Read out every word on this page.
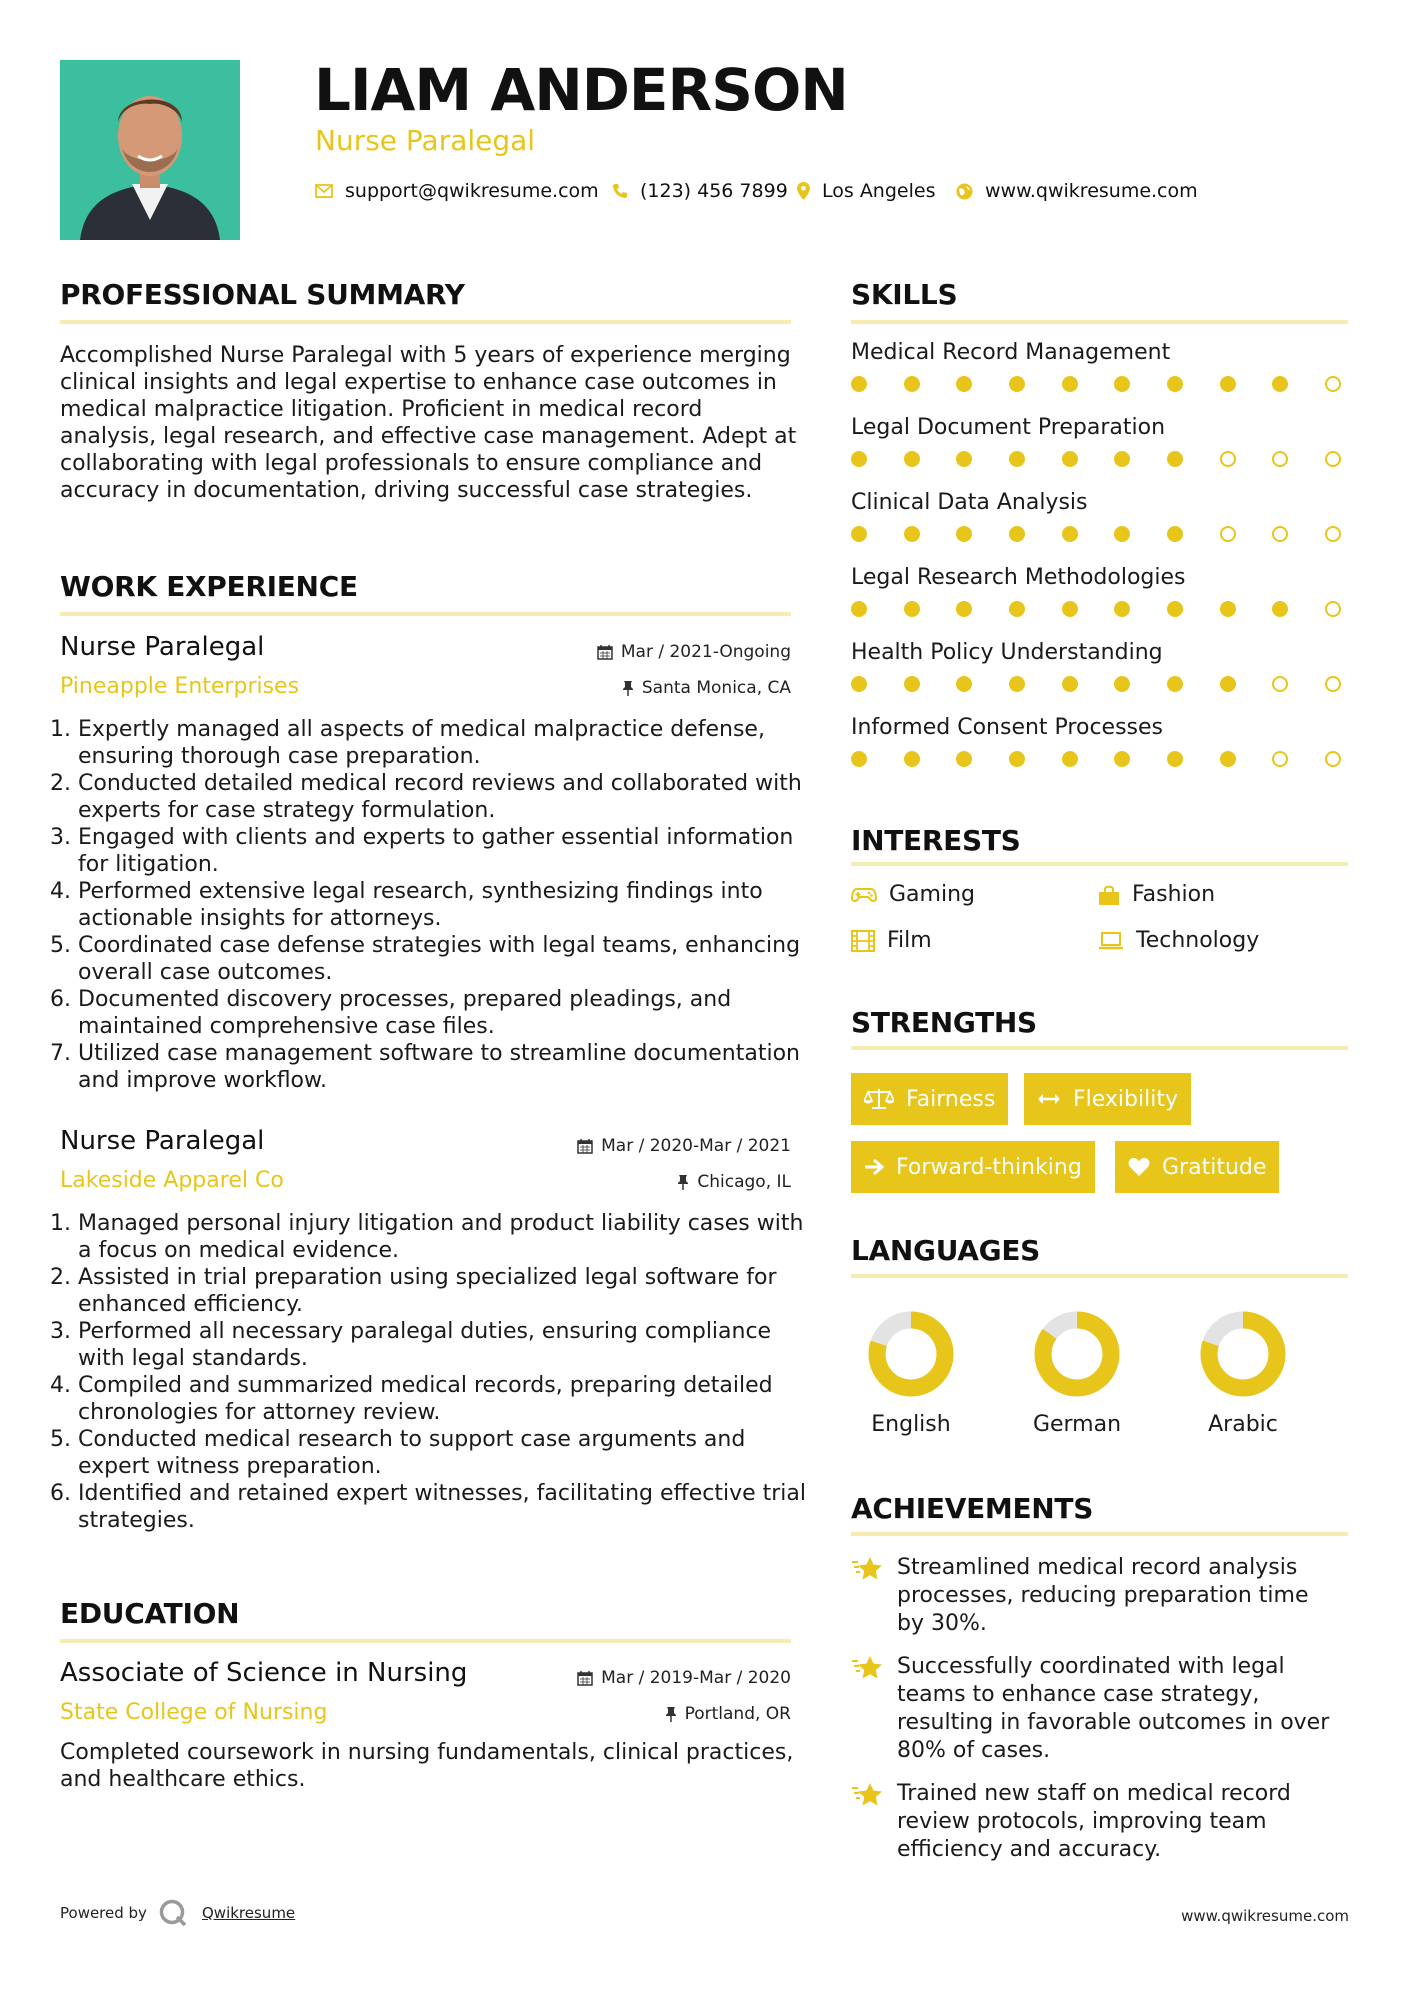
LIAM ANDERSON
Nurse Paralegal
support@qwikresume.com (123) 456 7899 Los Angeles	www.qwikresume.com
PROFESSIONAL SUMMARY
Accomplished Nurse Paralegal with 5 years of experience merging clinical insights and legal expertise to enhance case outcomes in medical malpractice litigation. Proficient in medical record analysis, legal research, and effective case management. Adept at collaborating with legal professionals to ensure compliance and accuracy in documentation, driving successful case strategies.
WORK EXPERIENCE
Nurse Paralegal	Mar / 2021-Ongoing
Pineapple Enterprises	Santa Monica, CA
1. Expertly managed all aspects of medical malpractice defense, ensuring thorough case preparation.
2. Conducted detailed medical record reviews and collaborated with experts for case strategy formulation.
3. Engaged with clients and experts to gather essential information for litigation.
4. Performed extensive legal research, synthesizing findings into actionable insights for attorneys.
5. Coordinated case defense strategies with legal teams, enhancing overall case outcomes.
6. Documented discovery processes, prepared pleadings, and maintained comprehensive case files.
7. Utilized case management software to streamline documentation and improve workflow.
Nurse Paralegal	Mar / 2020-Mar / 2021
Lakeside Apparel Co	Chicago, IL
1. Managed personal injury litigation and product liability cases with a focus on medical evidence.
2. Assisted in trial preparation using specialized legal software for enhanced efficiency.
3. Performed all necessary paralegal duties, ensuring compliance with legal standards.
4. Compiled and summarized medical records, preparing detailed chronologies for attorney review.
5. Conducted medical research to support case arguments and expert witness preparation.
6. Identified and retained expert witnesses, facilitating effective trial strategies.
EDUCATION
Associate of Science in Nursing	Mar / 2019-Mar / 2020
State College of Nursing	Portland, OR
Completed coursework in nursing fundamentals, clinical practices, and healthcare ethics.
SKILLS
Medical Record Management
Legal Document Preparation
Clinical Data Analysis
Legal Research Methodologies
Health Policy Understanding
Informed Consent Processes
INTERESTS
Gaming	Fashion
Film	Technology
STRENGTHS
Fairness	Flexibility
Forward-thinking	Gratitude
LANGUAGES
English	German	Arabic
ACHIEVEMENTS
Streamlined medical record analysis processes, reducing preparation time by 30%.
Successfully coordinated with legal teams to enhance case strategy, resulting in favorable outcomes in over 80% of cases.
Trained new staff on medical record review protocols, improving team efficiency and accuracy.
Powered by	Qwikresume	www.qwikresume.com
